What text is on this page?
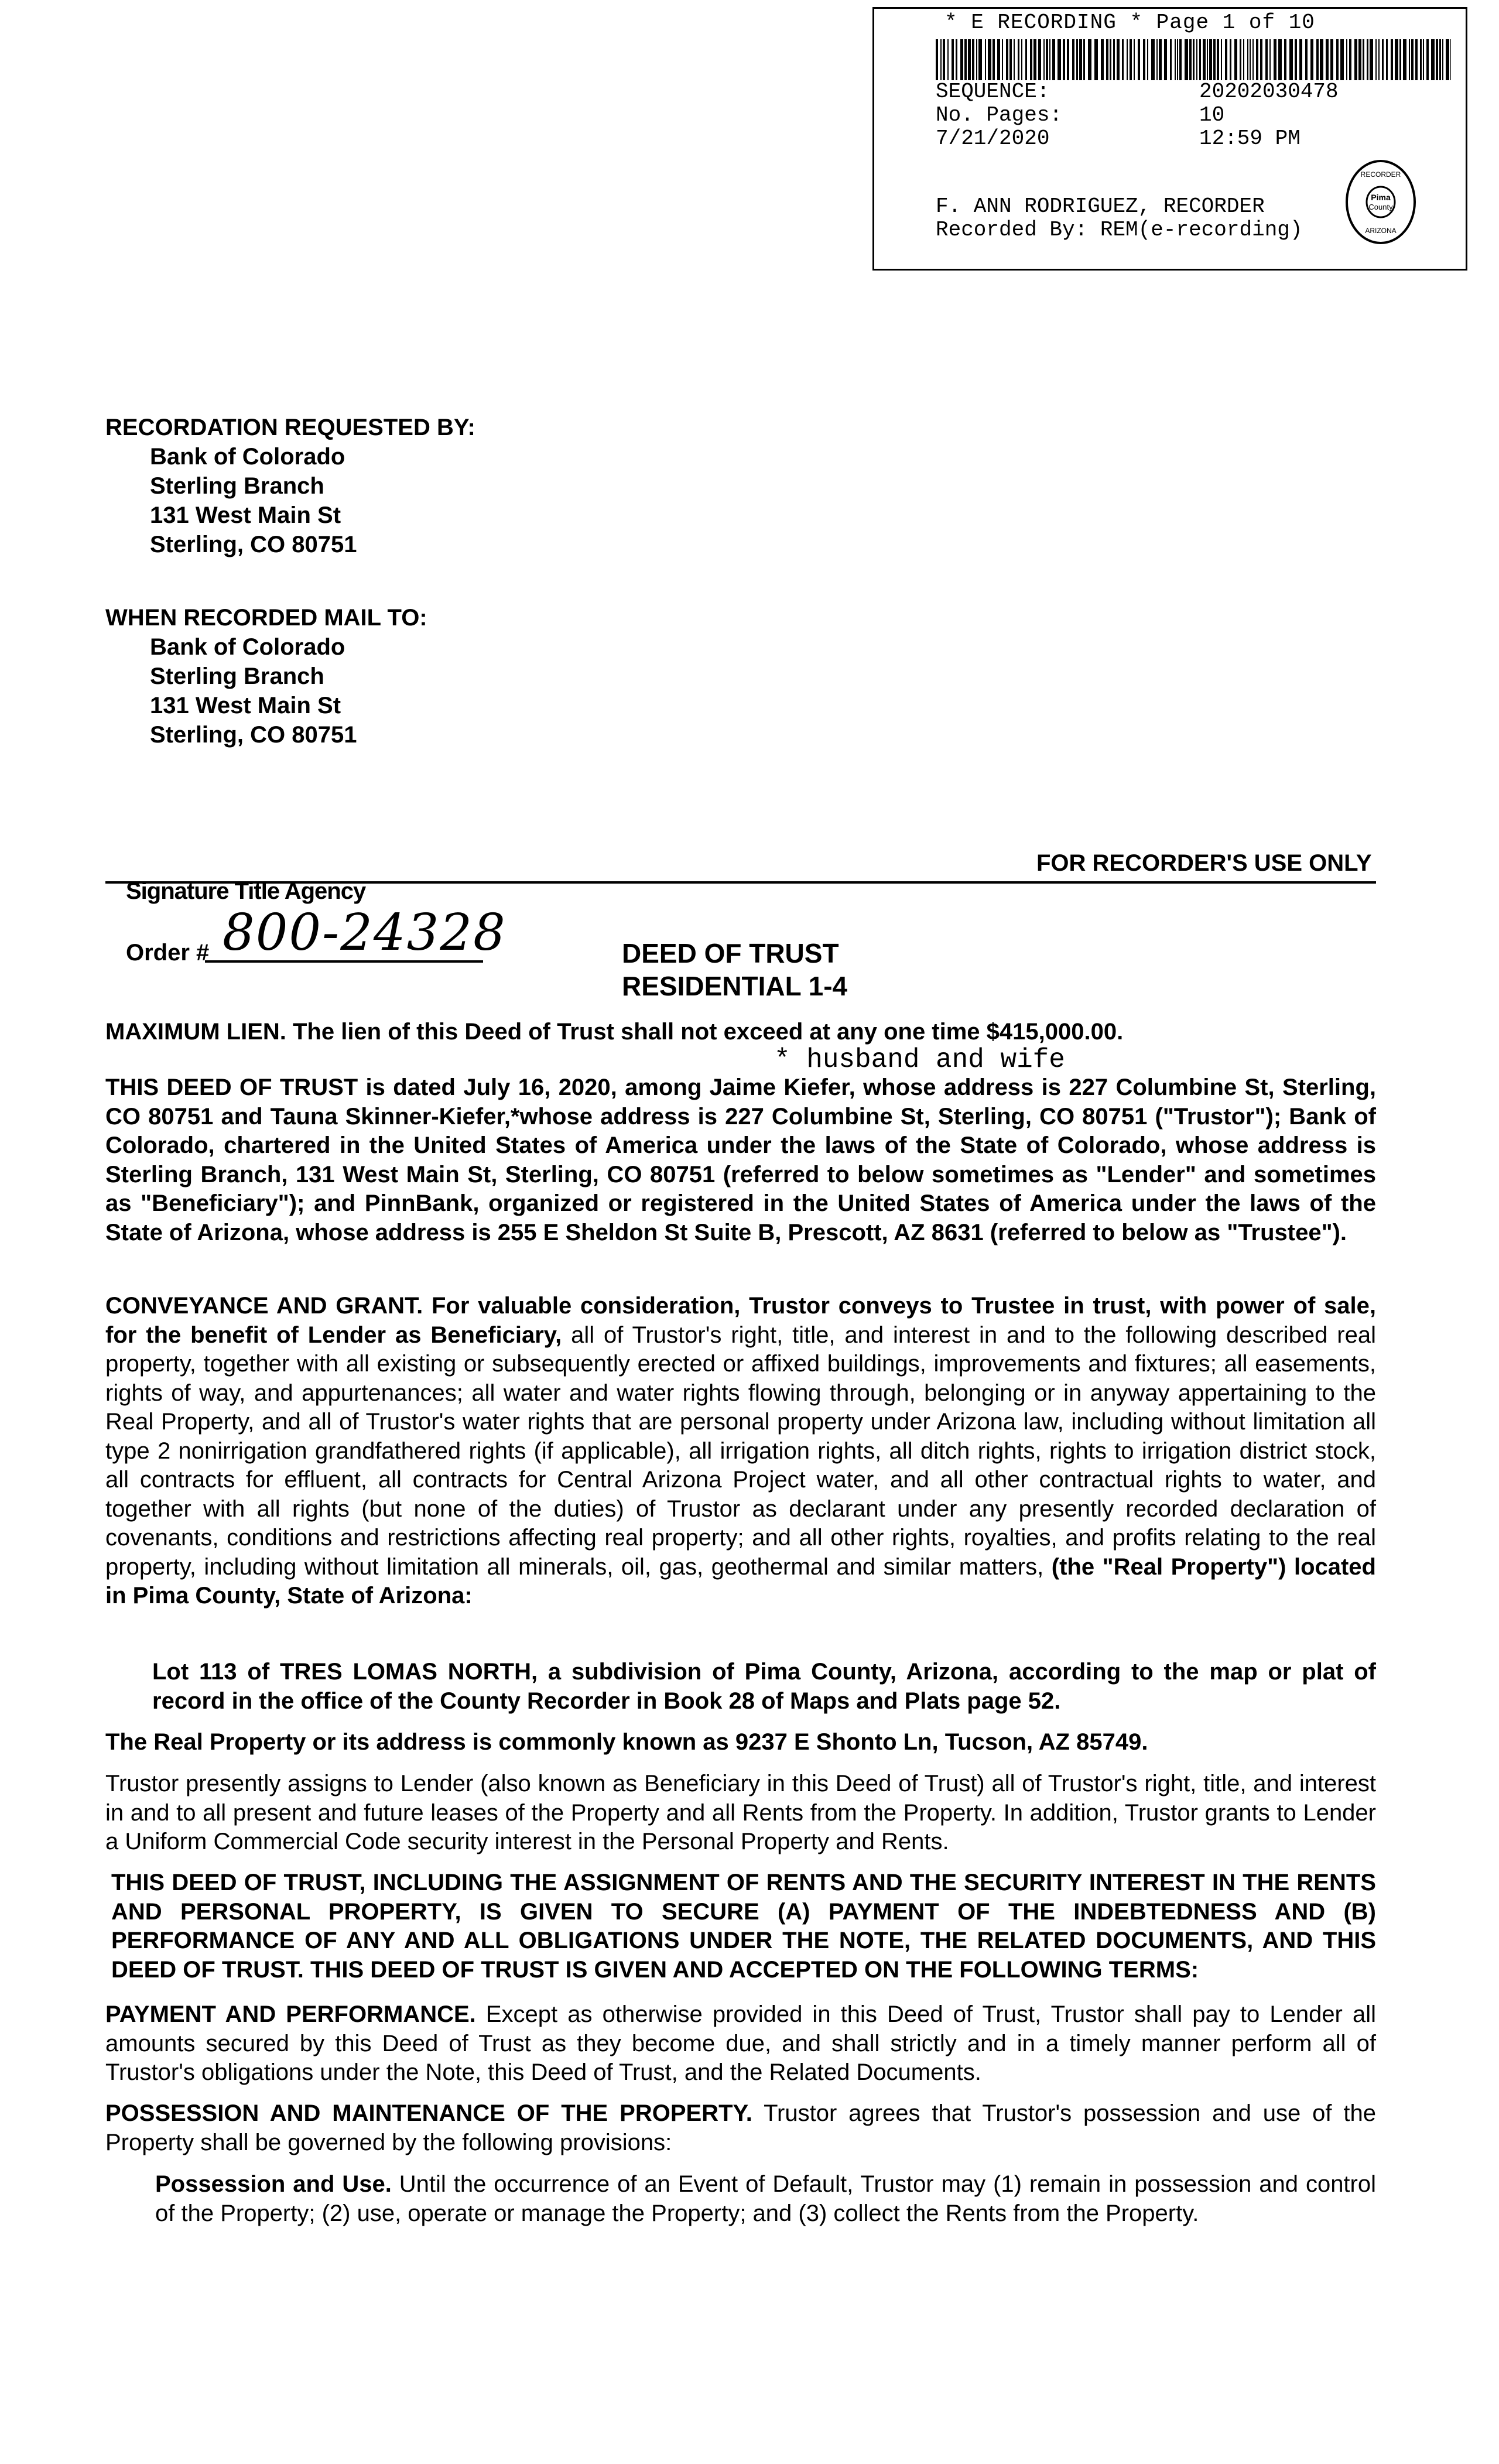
* E RECORDING * Page 1 of 10
SEQUENCE:	20202030478
No. Pages:	10
7/21/2020	12:59 PM
F. ANN RODRIGUEZ, RECORDER
Recorded By: REM(e-recording)
Pima
County
RECORDER
ARIZONA
RECORDATION REQUESTED BY:
Bank of Colorado
Sterling Branch
131 West Main St
Sterling, CO 80751
WHEN RECORDED MAIL TO:
Bank of Colorado
Sterling Branch
131 West Main St
Sterling, CO 80751
FOR RECORDER'S USE ONLY
Signature Title Agency
Order # 800-24328	DEED OF TRUST
RESIDENTIAL 1-4
MAXIMUM LIEN. The lien of this Deed of Trust shall not exceed at any one time $415,000.00.
* husband and wife
THIS DEED OF TRUST is dated July 16, 2020, among Jaime Kiefer, whose address is 227 Columbine St, Sterling, CO 80751 and Tauna Skinner-Kiefer,*whose address is 227 Columbine St, Sterling, CO 80751 ("Trustor"); Bank of Colorado, chartered in the United States of America under the laws of the State of Colorado, whose address is Sterling Branch, 131 West Main St, Sterling, CO 80751 (referred to below sometimes as "Lender" and sometimes as "Beneficiary"); and PinnBank, organized or registered in the United States of America under the laws of the State of Arizona, whose address is 255 E Sheldon St Suite B, Prescott, AZ 8631 (referred to below as "Trustee").
CONVEYANCE AND GRANT. For valuable consideration, Trustor conveys to Trustee in trust, with power of sale, for the benefit of Lender as Beneficiary, all of Trustor's right, title, and interest in and to the following described real property, together with all existing or subsequently erected or affixed buildings, improvements and fixtures; all easements, rights of way, and appurtenances; all water and water rights flowing through, belonging or in anyway appertaining to the Real Property, and all of Trustor's water rights that are personal property under Arizona law, including without limitation all type 2 nonirrigation grandfathered rights (if applicable), all irrigation rights, all ditch rights, rights to irrigation district stock, all contracts for effluent, all contracts for Central Arizona Project water, and all other contractual rights to water, and together with all rights (but none of the duties) of Trustor as declarant under any presently recorded declaration of covenants, conditions and restrictions affecting real property; and all other rights, royalties, and profits relating to the real property, including without limitation all minerals, oil, gas, geothermal and similar matters, (the "Real Property") located in Pima County, State of Arizona:
Lot 113 of TRES LOMAS NORTH, a subdivision of Pima County, Arizona, according to the map or plat of record in the office of the County Recorder in Book 28 of Maps and Plats page 52.
The Real Property or its address is commonly known as 9237 E Shonto Ln, Tucson, AZ 85749.
Trustor presently assigns to Lender (also known as Beneficiary in this Deed of Trust) all of Trustor's right, title, and interest in and to all present and future leases of the Property and all Rents from the Property. In addition, Trustor grants to Lender a Uniform Commercial Code security interest in the Personal Property and Rents.
THIS DEED OF TRUST, INCLUDING THE ASSIGNMENT OF RENTS AND THE SECURITY INTEREST IN THE RENTS AND PERSONAL PROPERTY, IS GIVEN TO SECURE (A) PAYMENT OF THE INDEBTEDNESS AND (B) PERFORMANCE OF ANY AND ALL OBLIGATIONS UNDER THE NOTE, THE RELATED DOCUMENTS, AND THIS DEED OF TRUST. THIS DEED OF TRUST IS GIVEN AND ACCEPTED ON THE FOLLOWING TERMS:
PAYMENT AND PERFORMANCE. Except as otherwise provided in this Deed of Trust, Trustor shall pay to Lender all amounts secured by this Deed of Trust as they become due, and shall strictly and in a timely manner perform all of Trustor's obligations under the Note, this Deed of Trust, and the Related Documents.
POSSESSION AND MAINTENANCE OF THE PROPERTY. Trustor agrees that Trustor's possession and use of the Property shall be governed by the following provisions:
Possession and Use. Until the occurrence of an Event of Default, Trustor may (1) remain in possession and control of the Property; (2) use, operate or manage the Property; and (3) collect the Rents from the Property.
